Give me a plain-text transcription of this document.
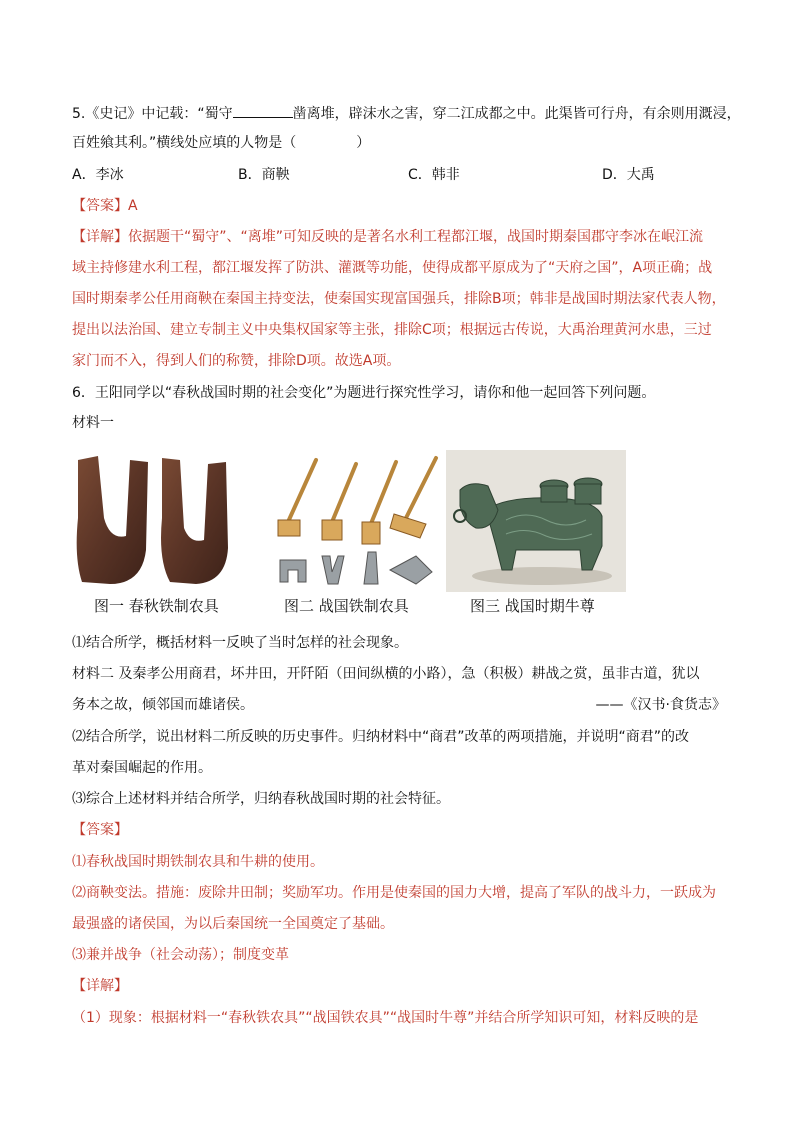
5.《史记》中记载：“蜀守	凿离堆，辟沫水之害，穿二江成都之中。此渠皆可行舟，有余则用溉浸，
百姓飨其利。”横线处应填的人物是（	）
A．李冰	B．商鞅	C．韩非	D．大禹
【答案】A
【详解】依据题干“蜀守”、“离堆”可知反映的是著名水利工程都江堰，战国时期秦国郡守李冰在岷江流
域主持修建水利工程，都江堰发挥了防洪、灌溉等功能，使得成都平原成为了“天府之国”，A项正确；战
国时期秦孝公任用商鞅在秦国主持变法，使秦国实现富国强兵，排除B项；韩非是战国时期法家代表人物，
提出以法治国、建立专制主义中央集权国家等主张，排除C项；根据远古传说，大禹治理黄河水患，三过
家门而不入，得到人们的称赞，排除D项。故选A项。
6．王阳同学以“春秋战国时期的社会变化”为题进行探究性学习，请你和他一起回答下列问题。
材料一
图一 春秋铁制农具	图二 战国铁制农具	图三 战国时期牛尊
⑴结合所学，概括材料一反映了当时怎样的社会现象。
材料二 及秦孝公用商君，坏井田，开阡陌（田间纵横的小路），急（积极）耕战之赏，虽非古道，犹以
务本之故，倾邻国而雄诸侯。	——《汉书·食货志》
⑵结合所学，说出材料二所反映的历史事件。归纳材料中“商君”改革的两项措施，并说明“商君”的改
革对秦国崛起的作用。
⑶综合上述材料并结合所学，归纳春秋战国时期的社会特征。
【答案】
⑴春秋战国时期铁制农具和牛耕的使用。
⑵商鞅变法。措施：废除井田制；奖励军功。作用是使秦国的国力大增，提高了军队的战斗力，一跃成为
最强盛的诸侯国，为以后秦国统一全国奠定了基础。
⑶兼并战争（社会动荡）；制度变革
【详解】
（1）现象：根据材料一“春秋铁农具”“战国铁农具”“战国时牛尊”并结合所学知识可知，材料反映的是
